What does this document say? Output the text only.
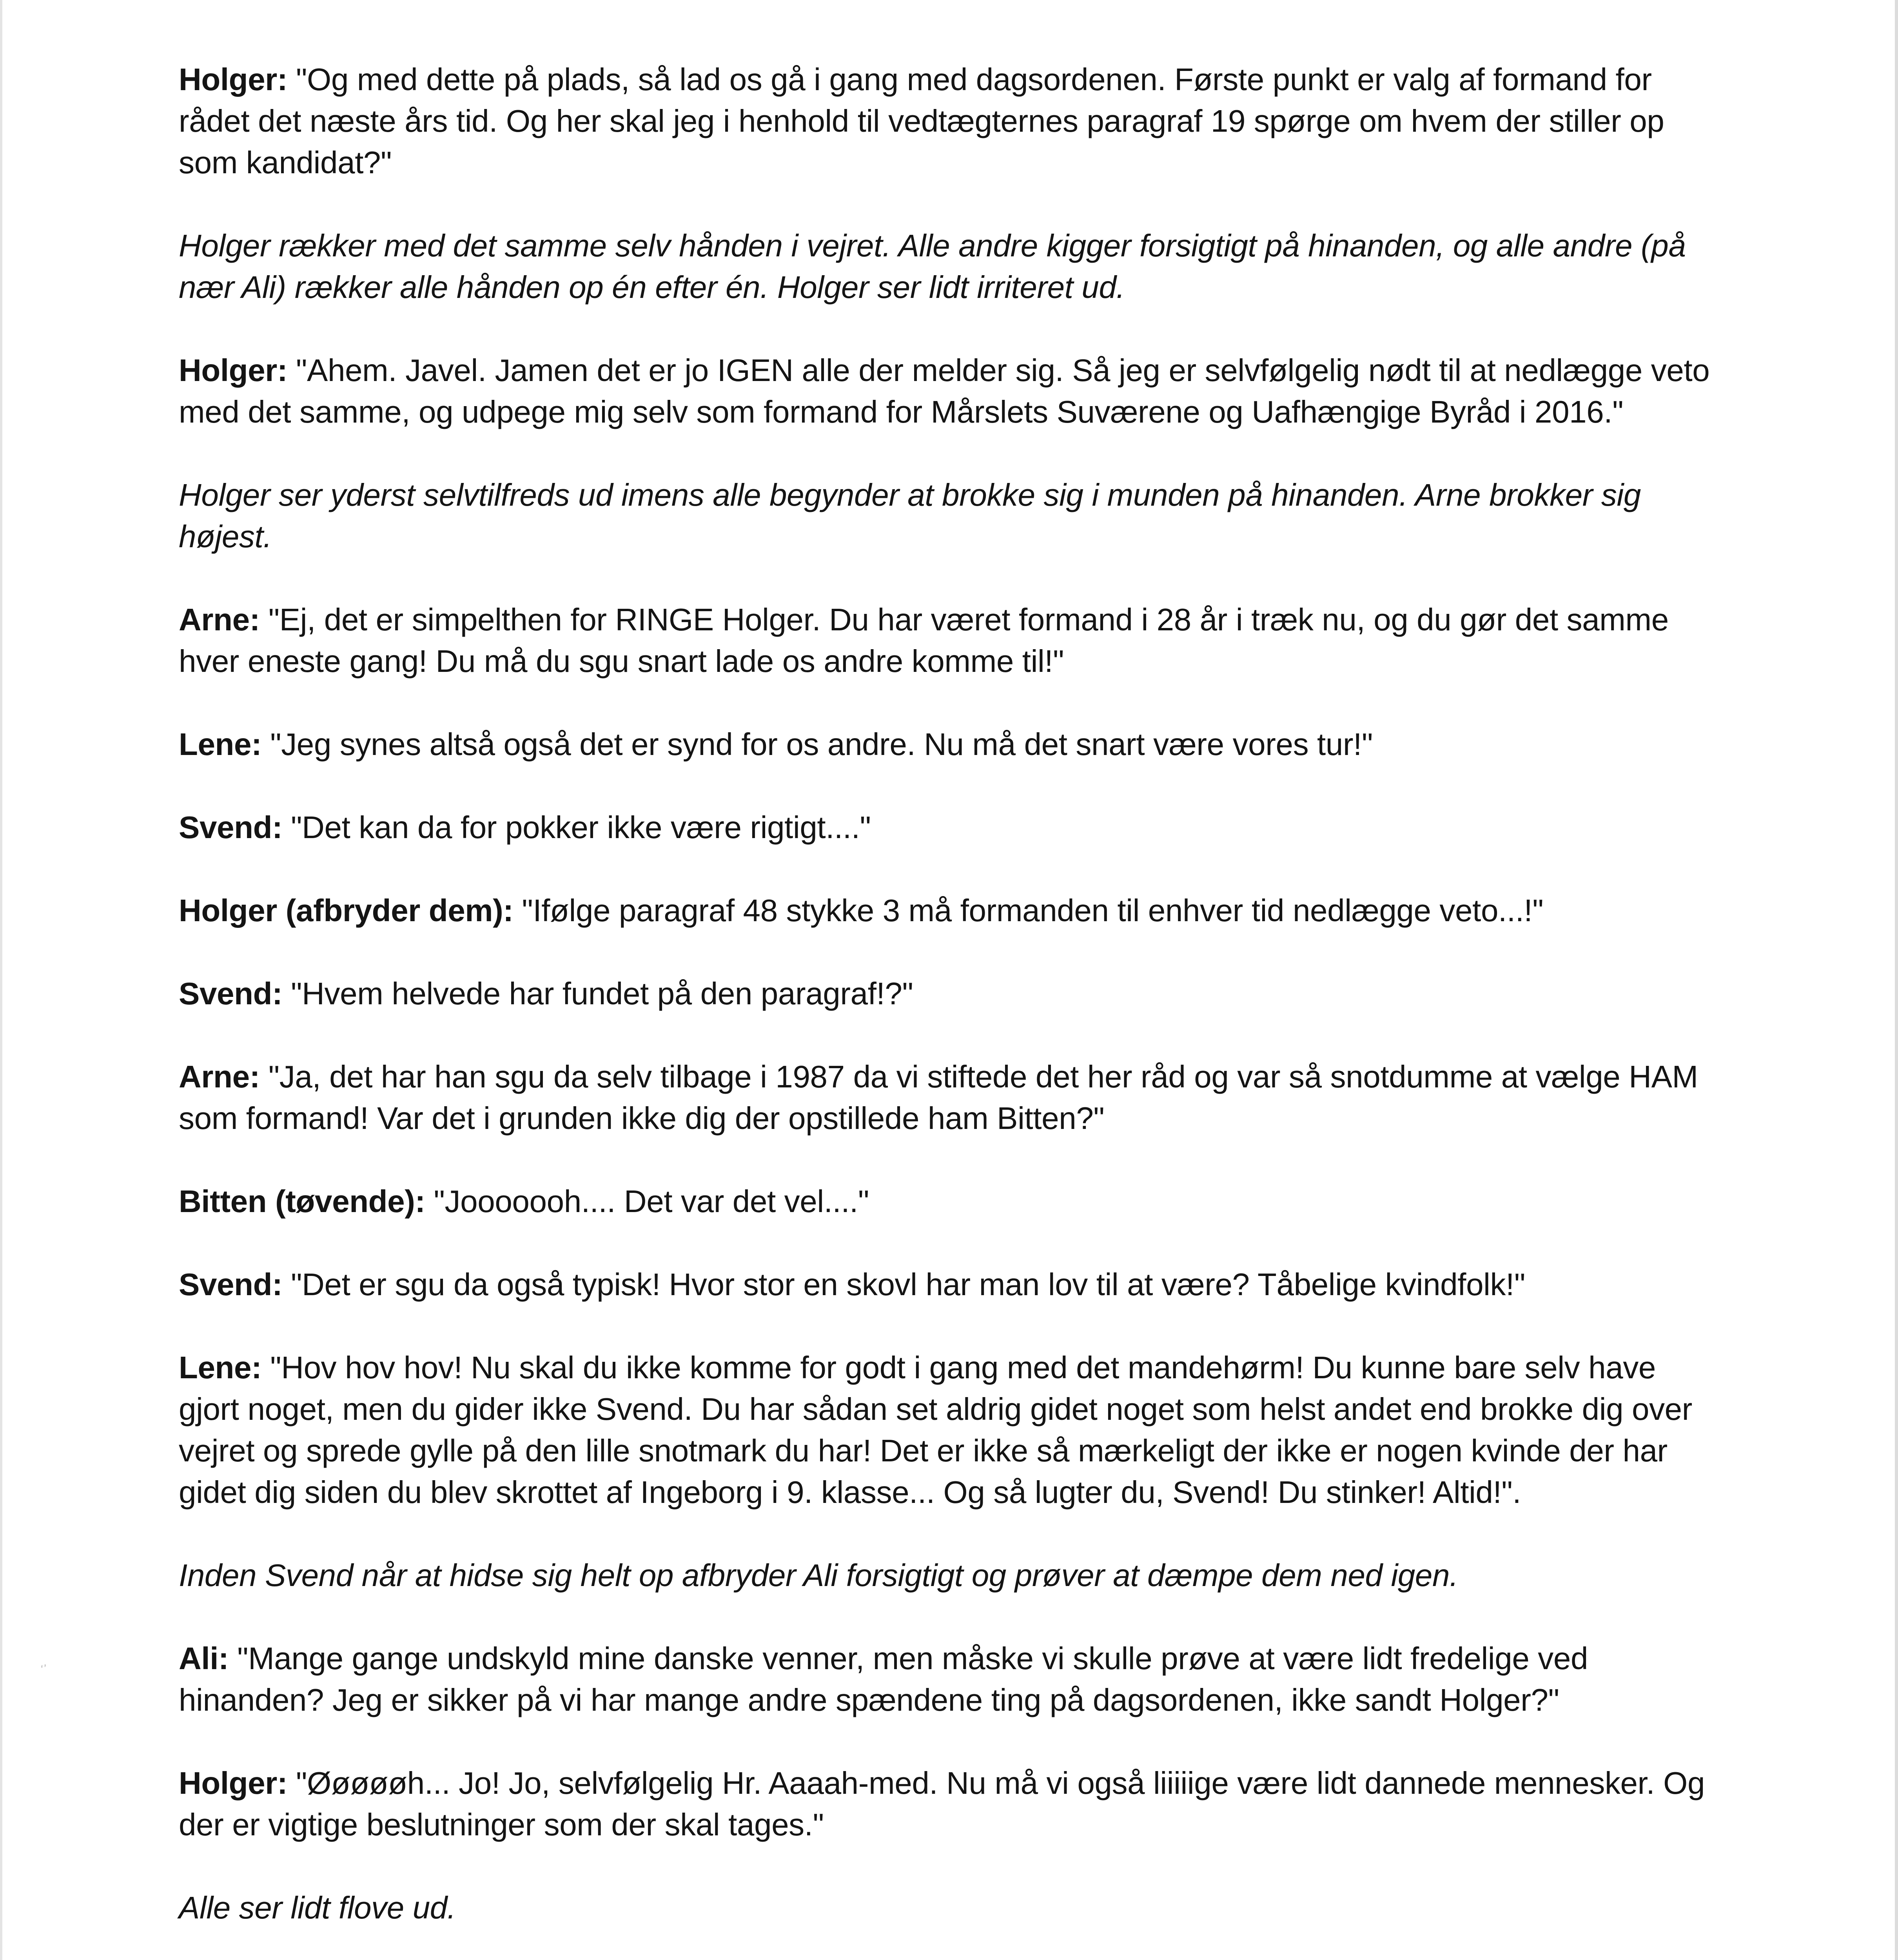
‘’

Holger: "Og med dette på plads, så lad os gå i gang med dagsordenen. Første punkt er valg af formand for rådet det næste års tid. Og her skal jeg i henhold til vedtægternes paragraf 19 spørge om hvem der stiller op som kandidat?"

Holger rækker med det samme selv hånden i vejret. Alle andre kigger forsigtigt på hinanden, og alle andre (på nær Ali) rækker alle hånden op én efter én. Holger ser lidt irriteret ud.

Holger: "Ahem. Javel. Jamen det er jo IGEN alle der melder sig. Så jeg er selvfølgelig nødt til at nedlægge veto med det samme, og udpege mig selv som formand for Mårslets Suværene og Uafhængige Byråd i 2016."

Holger ser yderst selvtilfreds ud imens alle begynder at brokke sig i munden på hinanden. Arne brokker sig højest.

Arne: "Ej, det er simpelthen for RINGE Holger. Du har været formand i 28 år i træk nu, og du gør det samme hver eneste gang! Du må du sgu snart lade os andre komme til!"

Lene: "Jeg synes altså også det er synd for os andre. Nu må det snart være vores tur!"

Svend: "Det kan da for pokker ikke være rigtigt...."

Holger (afbryder dem): "Ifølge paragraf 48 stykke 3 må formanden til enhver tid nedlægge veto...!"

Svend: "Hvem helvede har fundet på den paragraf!?"

Arne: "Ja, det har han sgu da selv tilbage i 1987 da vi stiftede det her råd og var så snotdumme at vælge HAM som formand! Var det i grunden ikke dig der opstillede ham Bitten?"

Bitten (tøvende): "Jooooooh.... Det var det vel...."

Svend: "Det er sgu da også typisk! Hvor stor en skovl har man lov til at være? Tåbelige kvindfolk!"

Lene: "Hov hov hov! Nu skal du ikke komme for godt i gang med det mandehørm! Du kunne bare selv have gjort noget, men du gider ikke Svend. Du har sådan set aldrig gidet noget som helst andet end brokke dig over vejret og sprede gylle på den lille snotmark du har! Det er ikke så mærkeligt der ikke er nogen kvinde der har gidet dig siden du blev skrottet af Ingeborg i 9. klasse... Og så lugter du, Svend! Du stinker! Altid!".

Inden Svend når at hidse sig helt op afbryder Ali forsigtigt og prøver at dæmpe dem ned igen.

Ali: "Mange gange undskyld mine danske venner, men måske vi skulle prøve at være lidt fredelige ved hinanden? Jeg er sikker på vi har mange andre spændene ting på dagsordenen, ikke sandt Holger?"

Holger: "Øøøøøh... Jo! Jo, selvfølgelig Hr. Aaaah-med. Nu må vi også liiiiige være lidt dannede mennesker. Og der er vigtige beslutninger som der skal tages."

Alle ser lidt flove ud.
